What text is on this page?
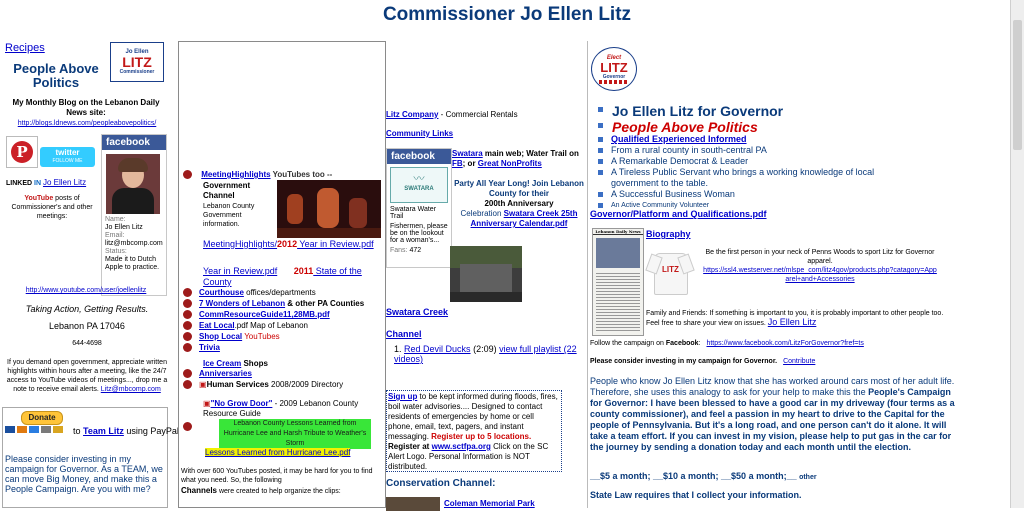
Commissioner Jo Ellen Litz
Recipes	Jo Ellen
LITZ
Commissioner
People Above Politics
My Monthly Blog on the Lebanon Daily News site:
http://blogs.ldnews.com/peopleabovepolitics/
P	twitter
FOLLOW ME
facebook
Name:
Jo Ellen Litz
Email:
litz@mbcomp.com
Status:
Made it to Dutch Apple to practice.
LINKED IN Jo Ellen Litz
YouTube posts of Commissioner's and other meetings:
http://www.youtube.com/user/joellenlitz
Taking Action, Getting Results.
Lebanon PA 17046
644-4698
If you demand open government, appreciate written highlights within hours after a meeting, like the 24/7 access to YouTube videos of meetings..., drop me a note to receive email alerts. Litz@mbcomp.com
Donate
to Team Litz using PayPal
Please consider investing in my campaign for Governor. As a TEAM, we can move Big Money, and make this a People Campaign. Are you with me?
MeetingHighlights YouTubes too --
Government Channel
Lebanon County Government information.
MeetingHighlights/2012 Year in Review.pdf
Year in Review.pdf 2011 State of the County
Courthouse offices/departments
7 Wonders of Lebanon & other PA Counties
CommResourceGuide11,28MB.pdf
Eat Local.pdf Map of Lebanon
Shop Local YouTubes
Trivia
Ice Cream Shops
Anniversaries
▣Human Services 2008/2009 Directory
▣"No Grow Door" - 2009 Lebanon County Resource Guide
Lebanon County Lessons Learned from Hurricane Lee and Harsh Tribute to Weather's Storm
Lessons Learned from Hurricane Lee.pdf
With over 600 YouTubes posted, it may be hard for you to find what you need. So, the following
Channels were created to help organize the clips:
Litz Company - Commercial Rentals
Community Links
facebook
〰
SWATARA
Swatara Water Trail
Fishermen, please be on the lookout for a woman's...
Fans: 472
Swatara main web; Water Trail on FB; or Great NonProfits
Party All Year Long! Join Lebanon County for their
200th Anniversary
Celebration Swatara Creek 25th Anniversary Calendar.pdf
Swatara Creek
Channel
1. Red Devil Ducks (2:09) view full playlist (22 videos)
Sign up to be kept informed during floods, fires, boil water advisories.... Designed to contact residents of emergencies by home or cell phone, email, text, pagers, and instant messaging. Register up to 5 locations. Register at www.sctfpa.org Click on the SC Alert Logo. Personal Information is NOT distributed.
Conservation Channel:
Coleman Memorial Park
Elect
LITZ
Governor
Jo Ellen Litz for Governor
People Above Politics
Qualified Experienced Informed
From a rural county in south-central PA
A Remarkable Democrat & Leader
A Tireless Public Servant who brings a working knowledge of local government to the table.
A Successful Business Woman
An Active Community Volunteer
Governor/Platform and Qualifications.pdf
Lebanon Daily News Biography
LITZ
Be the first person in your neck of Penns Woods to sport Litz for Governor apparel.
https://ssl4.westserver.net/mlspe_com/litz4gov/products.php?catagory=Apparel+and+Accessories
Family and Friends: If something is important to you, it is probably important to other people too. Feel free to share your view on issues. Jo Ellen Litz
Follow the campaign on Facebook: https://www.facebook.com/LitzForGovernor?fref=ts
Please consider investing in my campaign for Governor. Contribute
People who know Jo Ellen Litz know that she has worked around cars most of her adult life. Therefore, she uses this analogy to ask for your help to make this the People's Campaign for Governor: I have been blessed to have a good car in my driveway (four terms as a county commissioner), and feel a passion in my heart to drive to the Capital for the people of Pennsylvania. But it's a long road, and one person can't do it alone. It will take a team effort. If you can invest in my vision, please help to put gas in the car for the journey by sending a donation today and each month until the election.
__$5 a month; __$10 a month; __$50 a month;__ other
State Law requires that I collect your information.
